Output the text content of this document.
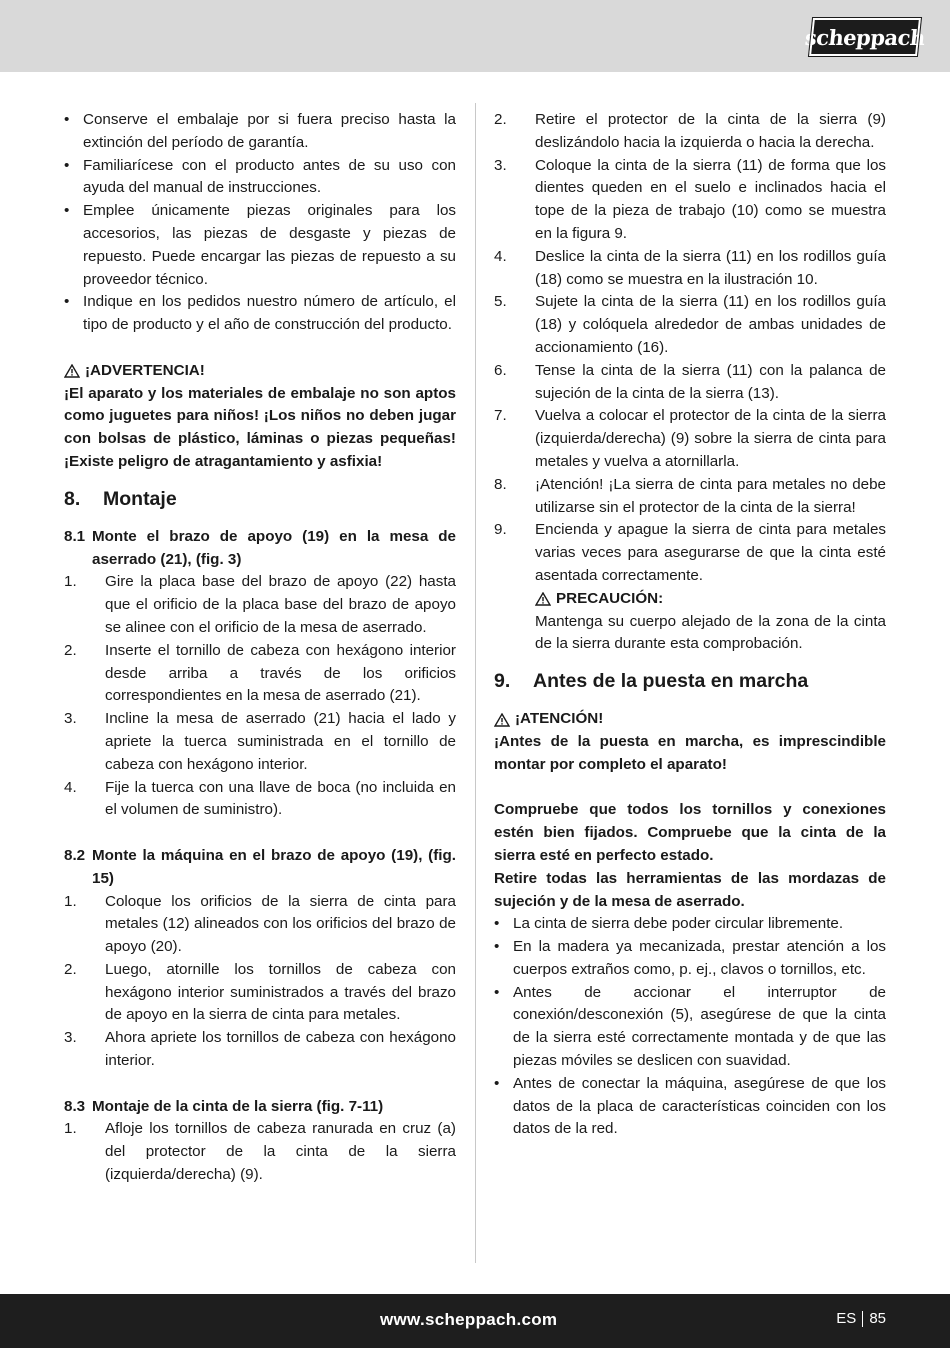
scheppach
• Conserve el embalaje por si fuera preciso hasta la extinción del período de garantía.
• Familiarícese con el producto antes de su uso con ayuda del manual de instrucciones.
• Emplee únicamente piezas originales para los accesorios, las piezas de desgaste y piezas de repuesto. Puede encargar las piezas de repuesto a su proveedor técnico.
• Indique en los pedidos nuestro número de artículo, el tipo de producto y el año de construcción del producto.
¡ADVERTENCIA!

¡El aparato y los materiales de embalaje no son aptos como juguetes para niños! ¡Los niños no deben jugar con bolsas de plástico, láminas o piezas pequeñas! ¡Existe peligro de atragantamiento y asfixia!

8.	Montaje
8.1 Monte el brazo de apoyo (19) en la mesa de aserrado (21), (fig. 3)
1.	Gire la placa base del brazo de apoyo (22) hasta que el orificio de la placa base del brazo de apoyo se alinee con el orificio de la mesa de aserrado.
2.	Inserte el tornillo de cabeza con hexágono interior desde arriba a través de los orificios correspondientes en la mesa de aserrado (21).
3.	Incline la mesa de aserrado (21) hacia el lado y apriete la tuerca suministrada en el tornillo de cabeza con hexágono interior.
4.	Fije la tuerca con una llave de boca (no incluida en el volumen de suministro).
8.2 Monte la máquina en el brazo de apoyo (19), (fig. 15)
1.	Coloque los orificios de la sierra de cinta para metales (12) alineados con los orificios del brazo de apoyo (20).
2.	Luego, atornille los tornillos de cabeza con hexágono interior suministrados a través del brazo de apoyo en la sierra de cinta para metales.
3.	Ahora apriete los tornillos de cabeza con hexágono interior.
8.3 Montaje de la cinta de la sierra (fig. 7-11)
1.	Afloje los tornillos de cabeza ranurada en cruz (a) del protector de la cinta de la sierra (izquierda/derecha) (9).
2.	Retire el protector de la cinta de la sierra (9) deslizándolo hacia la izquierda o hacia la derecha.
3.	Coloque la cinta de la sierra (11) de forma que los dientes queden en el suelo e inclinados hacia el tope de la pieza de trabajo (10) como se muestra en la figura 9.
4.	Deslice la cinta de la sierra (11) en los rodillos guía (18) como se muestra en la ilustración 10.
5.	Sujete la cinta de la sierra (11) en los rodillos guía (18) y colóquela alrededor de ambas unidades de accionamiento (16).
6.	Tense la cinta de la sierra (11) con la palanca de sujeción de la cinta de la sierra (13).
7.	Vuelva a colocar el protector de la cinta de la sierra (izquierda/derecha) (9) sobre la sierra de cinta para metales y vuelva a atornillarla.
8.	¡Atención! ¡La sierra de cinta para metales no debe utilizarse sin el protector de la cinta de la sierra!
9.	Encienda y apague la sierra de cinta para metales varias veces para asegurarse de que la cinta esté asentada correctamente.
PRECAUCIÓN:

Mantenga su cuerpo alejado de la zona de la cinta de la sierra durante esta comprobación.

9.	Antes de la puesta en marcha
¡ATENCIÓN!

¡Antes de la puesta en marcha, es imprescindible montar por completo el aparato!

Compruebe que todos los tornillos y conexiones estén bien fijados. Compruebe que la cinta de la sierra esté en perfecto estado.

Retire todas las herramientas de las mordazas de sujeción y de la mesa de aserrado.

• La cinta de sierra debe poder circular libremente.
• En la madera ya mecanizada, prestar atención a los cuerpos extraños como, p. ej., clavos o tornillos, etc.
• Antes de accionar el interruptor de conexión/desconexión (5), asegúrese de que la cinta de la sierra esté correctamente montada y de que las piezas móviles se deslicen con suavidad.
• Antes de conectar la máquina, asegúrese de que los datos de la placa de características coinciden con los datos de la red.
www.scheppach.com	ES 85
